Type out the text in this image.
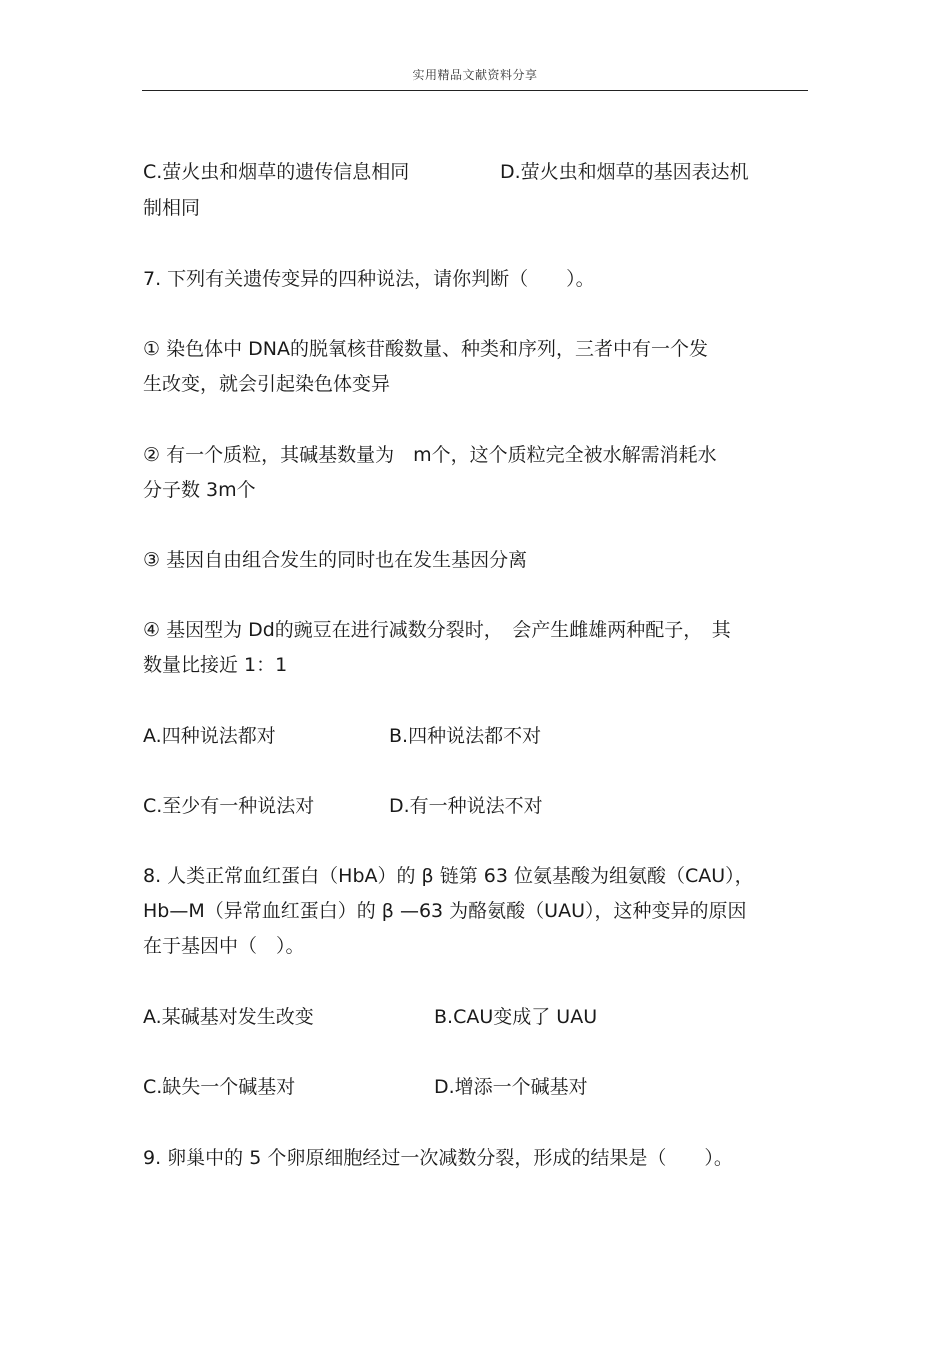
实用精品文献资料分享
C.萤火虫和烟草的遗传信息相同	D.萤火虫和烟草的基因表达机
制相同
7. 下列有关遗传变异的四种说法，请你判断（　　）。
① 染色体中 DNA的脱氧核苷酸数量、种类和序列，三者中有一个发
生改变，就会引起染色体变异
② 有一个质粒，其碱基数量为　m个，这个质粒完全被水解需消耗水
分子数 3m个
③ 基因自由组合发生的同时也在发生基因分离
④ 基因型为 Dd的豌豆在进行减数分裂时，　会产生雌雄两种配子，　其
数量比接近 1：1
A.四种说法都对	B.四种说法都不对
C.至少有一种说法对	D.有一种说法不对
8. 人类正常血红蛋白（HbA）的 β 链第 63 位氨基酸为组氨酸（CAU），
Hb—M（异常血红蛋白）的 β —63 为酪氨酸（UAU），这种变异的原因
在于基因中（　）。
A.某碱基对发生改变	B.CAU变成了 UAU
C.缺失一个碱基对	D.增添一个碱基对
9. 卵巢中的 5 个卵原细胞经过一次减数分裂，形成的结果是（　　）。
